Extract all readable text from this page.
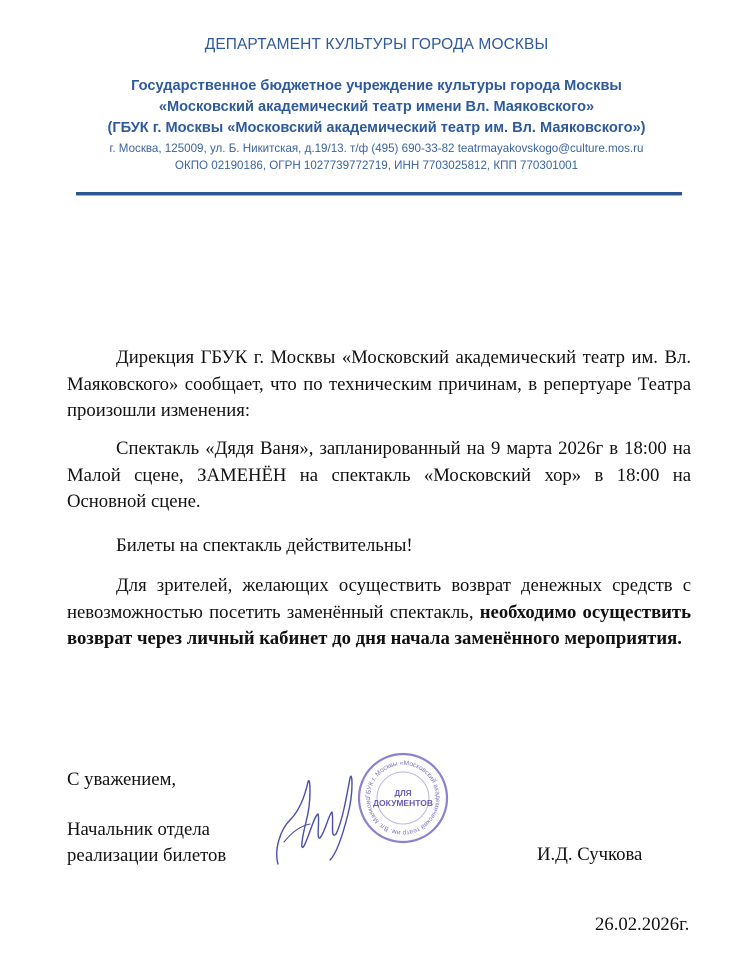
ДЕПАРТАМЕНТ КУЛЬТУРЫ ГОРОДА МОСКВЫ
Государственное бюджетное учреждение культуры города Москвы
«Московский академический театр имени Вл. Маяковского»
(ГБУК г. Москвы «Московский академический театр им. Вл. Маяковского»)
г. Москва, 125009, ул. Б. Никитская, д.19/13. т/ф (495) 690-33-82 teatrmayakovskogo@culture.mos.ru
ОКПО 02190186, ОГРН 1027739772719, ИНН 7703025812, КПП 770301001

Дирекция ГБУК г. Москвы «Московский академический театр им. Вл. Маяковского» сообщает, что по техническим причинам, в репертуаре Театра произошли изменения:

Спектакль «Дядя Ваня», запланированный на 9 марта 2026г в 18:00 на Малой сцене, ЗАМЕНЁН на спектакль «Московский хор» в 18:00 на Основной сцене.

Билеты на спектакль действительны!

Для зрителей, желающих осуществить возврат денежных средств с невозможностью посетить заменённый спектакль, необходимо осуществить возврат через личный кабинет до дня начала заменённого мероприятия.

С уважением,
Начальник отдела
реализации билетов	И.Д. Сучкова
26.02.2026г.
ГБУК г. Москвы «Московский академический театр им. Вл. Маяковс
ДЛЯ
ДОКУМЕНТОВ
